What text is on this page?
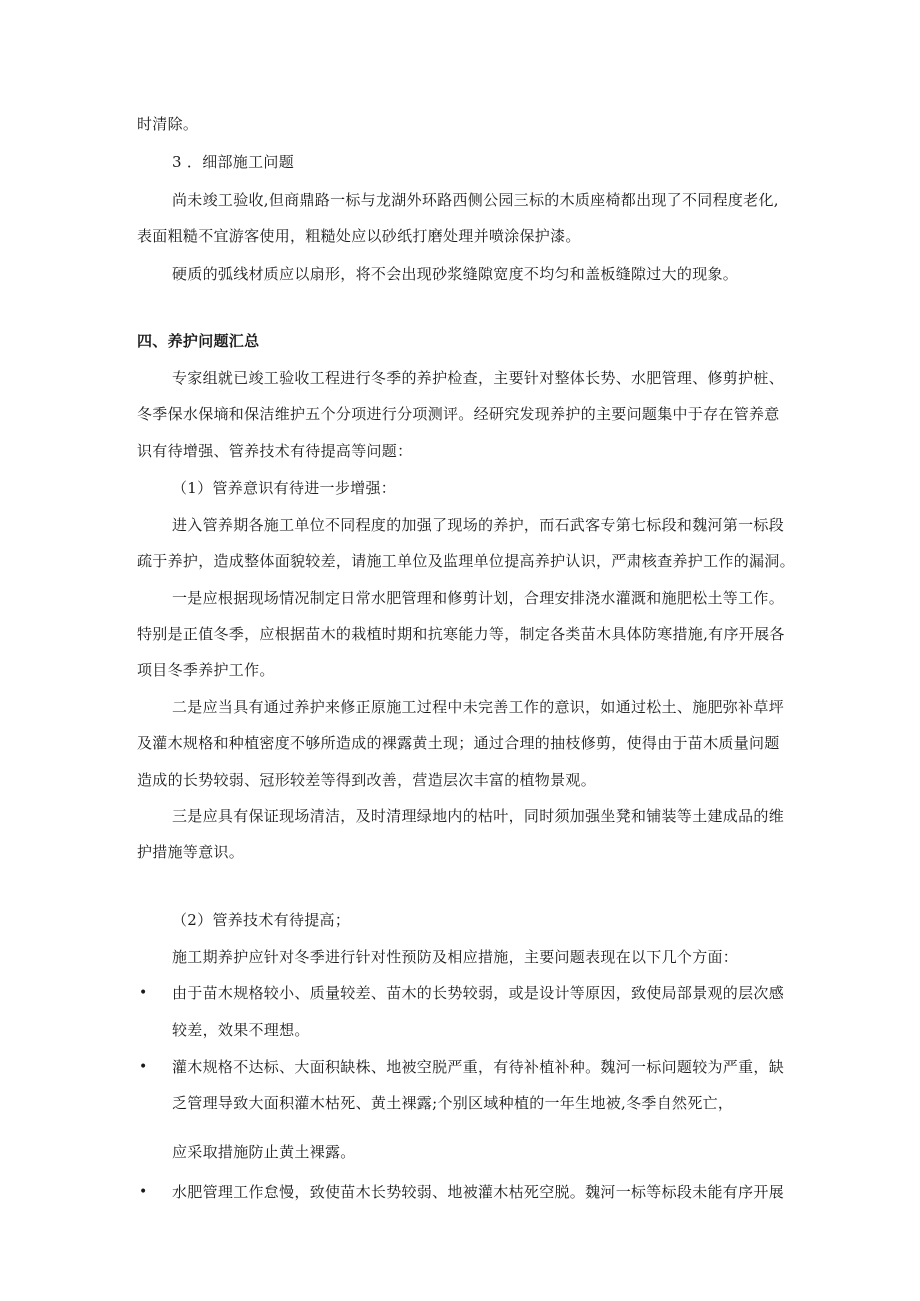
时清除。
3 ．细部施工问题
尚未竣工验收,但商鼎路一标与龙湖外环路西侧公园三标的木质座椅都出现了不同程度老化,
表面粗糙不宜游客使用，粗糙处应以砂纸打磨处理并喷涂保护漆。
硬质的弧线材质应以扇形，将不会出现砂浆缝隙宽度不均匀和盖板缝隙过大的现象。
四、养护问题汇总
专家组就已竣工验收工程进行冬季的养护检查，主要针对整体长势、水肥管理、修剪护桩、
冬季保水保墒和保洁维护五个分项进行分项测评。经研究发现养护的主要问题集中于存在管养意
识有待增强、管养技术有待提高等问题：
（1）管养意识有待进一步增强：
进入管养期各施工单位不同程度的加强了现场的养护，而石武客专第七标段和魏河第一标段
疏于养护，造成整体面貌较差，请施工单位及监理单位提高养护认识，严肃核查养护工作的漏洞。
一是应根据现场情况制定日常水肥管理和修剪计划，合理安排浇水灌溉和施肥松土等工作。
特别是正值冬季，应根据苗木的栽植时期和抗寒能力等，制定各类苗木具体防寒措施,有序开展各
项目冬季养护工作。
二是应当具有通过养护来修正原施工过程中未完善工作的意识，如通过松土、施肥弥补草坪
及灌木规格和种植密度不够所造成的裸露黄土现；通过合理的抽枝修剪，使得由于苗木质量问题
造成的长势较弱、冠形较差等得到改善，营造层次丰富的植物景观。
三是应具有保证现场清洁，及时清理绿地内的枯叶，同时须加强坐凳和铺装等土建成品的维
护措施等意识。
（2）管养技术有待提高；
施工期养护应针对冬季进行针对性预防及相应措施，主要问题表现在以下几个方面：
• 由于苗木规格较小、质量较差、苗木的长势较弱，或是设计等原因，致使局部景观的层次感
较差，效果不理想。
• 灌木规格不达标、大面积缺株、地被空脱严重，有待补植补种。魏河一标问题较为严重，缺
乏管理导致大面积灌木枯死、黄土裸露;个别区域种植的一年生地被,冬季自然死亡，
应采取措施防止黄土裸露。
• 水肥管理工作怠慢，致使苗木长势较弱、地被灌木枯死空脱。魏河一标等标段未能有序开展
